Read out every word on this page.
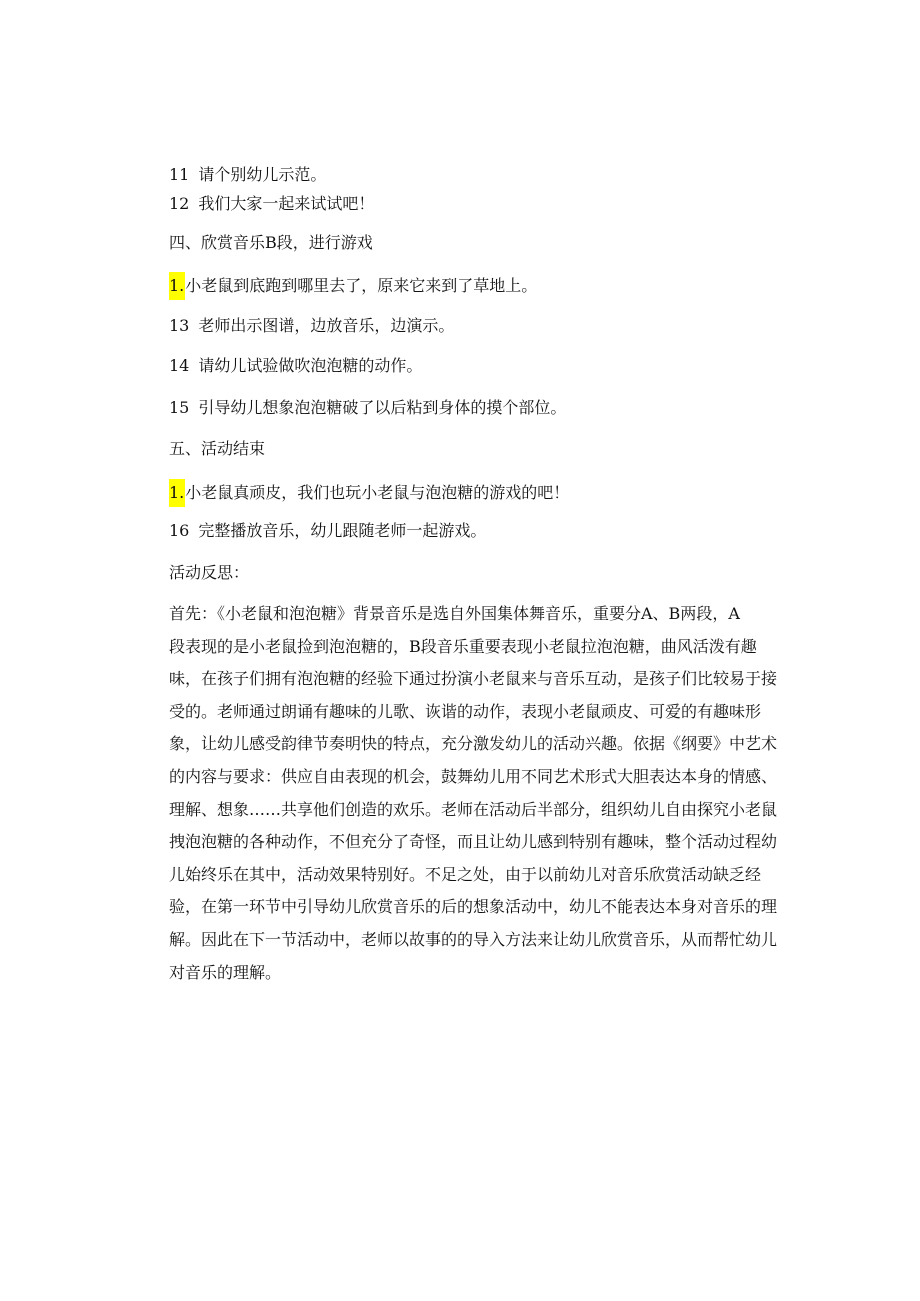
11 请个别幼儿示范。
12 我们大家一起来试试吧！
四、欣赏音乐B段，进行游戏
1.小老鼠到底跑到哪里去了，原来它来到了草地上。
13 老师出示图谱，边放音乐，边演示。
14 请幼儿试验做吹泡泡糖的动作。
15 引导幼儿想象泡泡糖破了以后粘到身体的摸个部位。
五、活动结束
1.小老鼠真顽皮，我们也玩小老鼠与泡泡糖的游戏的吧！
16 完整播放音乐，幼儿跟随老师一起游戏。
活动反思：

首先：《小老鼠和泡泡糖》背景音乐是选自外国集体舞音乐，重要分A、B两段，A

段表现的是小老鼠捡到泡泡糖的，B段音乐重要表现小老鼠拉泡泡糖，曲风活泼有趣

味，在孩子们拥有泡泡糖的经验下通过扮演小老鼠来与音乐互动，是孩子们比较易于接

受的。老师通过朗诵有趣味的儿歌、诙谐的动作，表现小老鼠顽皮、可爱的有趣味形

象，让幼儿感受韵律节奏明快的特点，充分激发幼儿的活动兴趣。依据《纲要》中艺术

的内容与要求：供应自由表现的机会，鼓舞幼儿用不同艺术形式大胆表达本身的情感、

理解、想象……共享他们创造的欢乐。老师在活动后半部分，组织幼儿自由探究小老鼠

拽泡泡糖的各种动作，不但充分了奇怪，而且让幼儿感到特别有趣味，整个活动过程幼

儿始终乐在其中，活动效果特别好。不足之处，由于以前幼儿对音乐欣赏活动缺乏经

验，在第一环节中引导幼儿欣赏音乐的后的想象活动中，幼儿不能表达本身对音乐的理

解。因此在下一节活动中，老师以故事的的导入方法来让幼儿欣赏音乐，从而帮忙幼儿

对音乐的理解。
